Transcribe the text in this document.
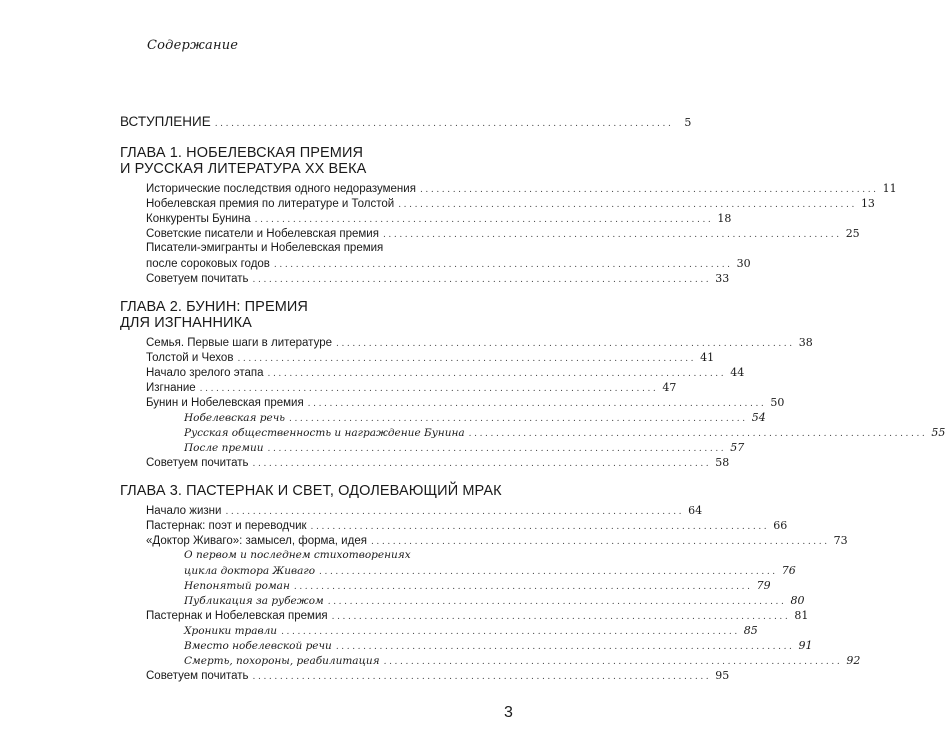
Содержание
ВСТУПЛЕНИЕ ....................................................................................	5
ГЛАВА 1. НОБЕЛЕВСКАЯ ПРЕМИЯ
И РУССКАЯ ЛИТЕРАТУРА XX ВЕКА
Исторические последствия одного недоразумения .................................................................................... 11
Нобелевская премия по литературе и Толстой .................................................................................... 13
Конкуренты Бунина .................................................................................... 18
Советские писатели и Нобелевская премия .................................................................................... 25
Писатели-эмигранты и Нобелевская премия
после сороковых годов .................................................................................... 30
Советуем почитать .................................................................................... 33
ГЛАВА 2. БУНИН: ПРЕМИЯ
ДЛЯ ИЗГНАННИКА
Семья. Первые шаги в литературе .................................................................................... 38
Толстой и Чехов .................................................................................... 41
Начало зрелого этапа .................................................................................... 44
Изгнание .................................................................................... 47
Бунин и Нобелевская премия .................................................................................... 50
Нобелевская речь .................................................................................... 54
Русская общественность и награждение Бунина .................................................................................... 55
После премии .................................................................................... 57
Советуем почитать .................................................................................... 58
ГЛАВА 3. ПАСТЕРНАК И СВЕТ, ОДОЛЕВАЮЩИЙ МРАК
Начало жизни .................................................................................... 64
Пастернак: поэт и переводчик .................................................................................... 66
«Доктор Живаго»: замысел, форма, идея .................................................................................... 73
О первом и последнем стихотворениях
цикла доктора Живаго .................................................................................... 76
Непонятый роман .................................................................................... 79
Публикация за рубежом .................................................................................... 80
Пастернак и Нобелевская премия .................................................................................... 81
Хроники травли .................................................................................... 85
Вместо нобелевской речи .................................................................................... 91
Смерть, похороны, реабилитация .................................................................................... 92
Советуем почитать .................................................................................... 95
3
